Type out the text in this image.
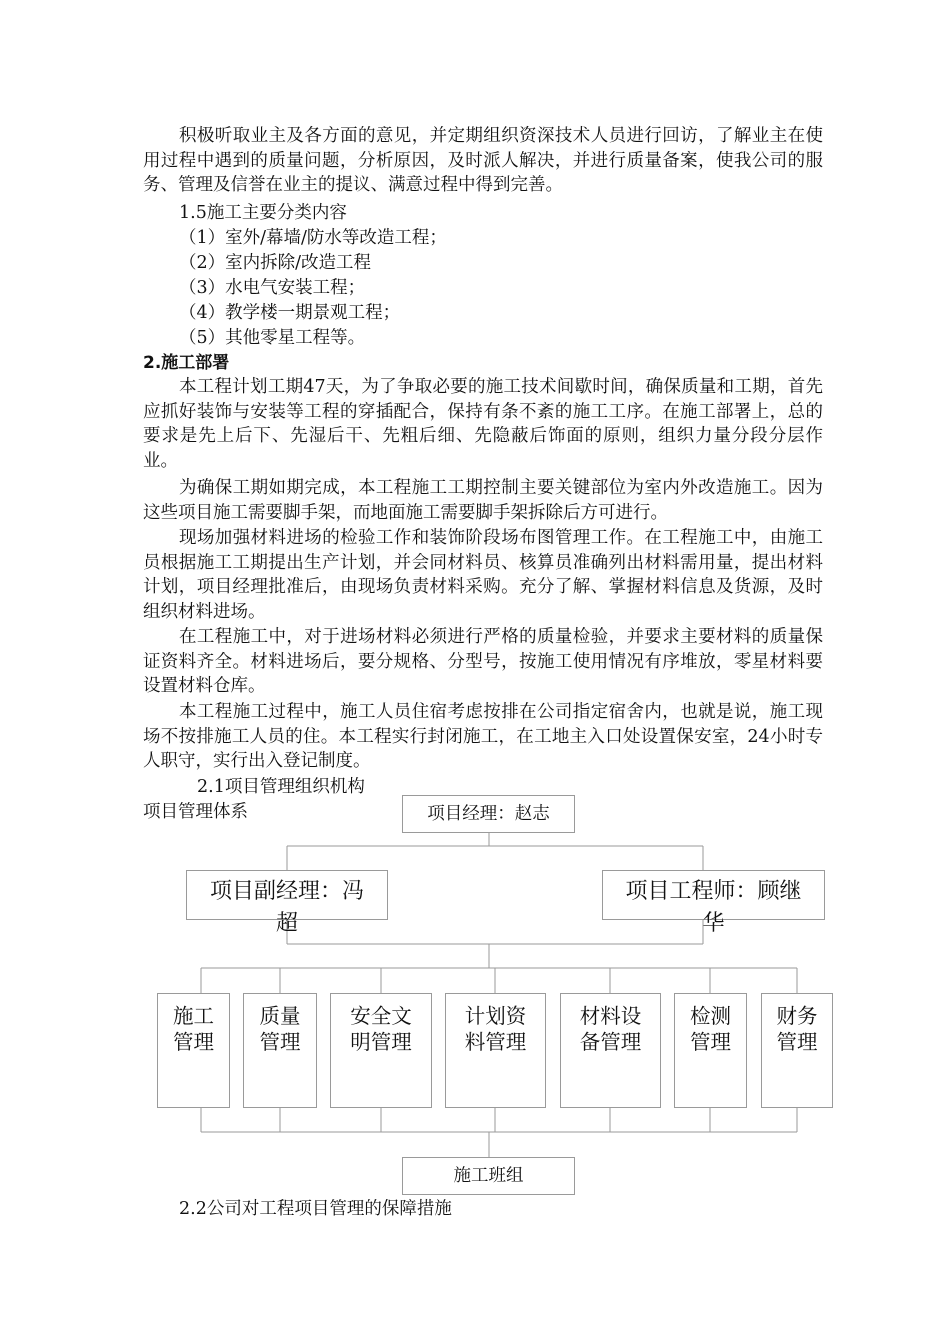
积极听取业主及各方面的意见，并定期组织资深技术人员进行回访，了解业主在使用过程中遇到的质量问题，分析原因，及时派人解决，并进行质量备案，使我公司的服务、管理及信誉在业主的提议、满意过程中得到完善。

1.5施工主要分类内容
（1）室外/幕墙/防水等改造工程；
（2）室内拆除/改造工程
（3）水电气安装工程；
（4）教学楼一期景观工程；
（5）其他零星工程等。
2.施工部署

本工程计划工期47天，为了争取必要的施工技术间歇时间，确保质量和工期，首先应抓好装饰与安装等工程的穿插配合，保持有条不紊的施工工序。在施工部署上，总的要求是先上后下、先湿后干、先粗后细、先隐蔽后饰面的原则，组织力量分段分层作业。

为确保工期如期完成，本工程施工工期控制主要关键部位为室内外改造施工。因为这些项目施工需要脚手架，而地面施工需要脚手架拆除后方可进行。

现场加强材料进场的检验工作和装饰阶段场布图管理工作。在工程施工中，由施工员根据施工工期提出生产计划，并会同材料员、核算员准确列出材料需用量，提出材料计划，项目经理批准后，由现场负责材料采购。充分了解、掌握材料信息及货源，及时组织材料进场。

在工程施工中，对于进场材料必须进行严格的质量检验，并要求主要材料的质量保证资料齐全。材料进场后，要分规格、分型号，按施工使用情况有序堆放，零星材料要设置材料仓库。

本工程施工过程中，施工人员住宿考虑按排在公司指定宿舍内，也就是说，施工现场不按排施工人员的住。本工程实行封闭施工，在工地主入口处设置保安室，24小时专人职守，实行出入登记制度。

2.1项目管理组织机构
项目管理体系	项目经理：赵志
项目副经理：冯
超
项目工程师：顾继
华
施工
管理
质量
管理
安全文
明管理
计划资
料管理
材料设
备管理
检测
管理
财务
管理
施工班组
2.2公司对工程项目管理的保障措施
